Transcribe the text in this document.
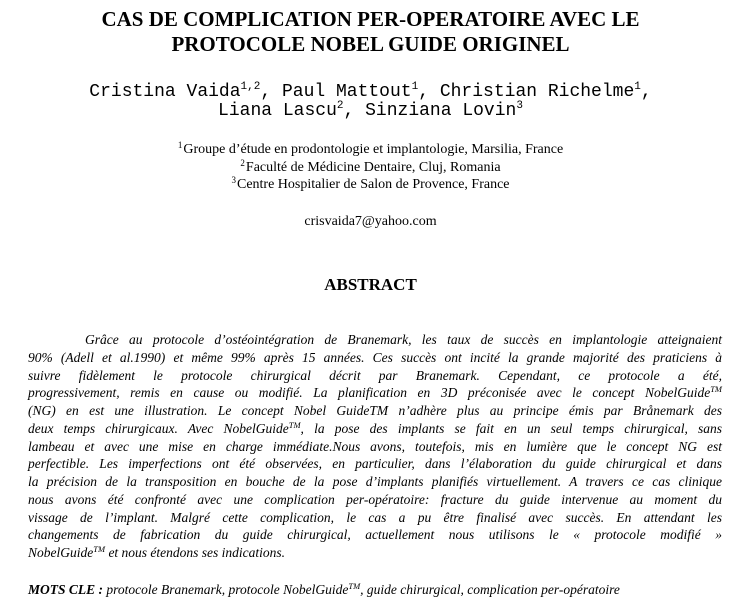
CAS DE COMPLICATION PER-OPERATOIRE AVEC LE
PROTOCOLE NOBEL GUIDE ORIGINEL
Cristina Vaida$^{1,2}$, Paul Mattout$^1$, Christian Richelme$^1$,
Liana Lascu$^2$, Sinziana Lovin$^3$
$^1$Groupe d’étude en prodontologie et implantologie, Marsilia, France
$^2$Faculté de Médicine Dentaire, Cluj, Romania
$^3$Centre Hospitalier de Salon de Provence, France
crisvaida7@yahoo.com
ABSTRACT
Grâce au protocole d’ostéointégration de Branemark, les taux de succès en implantologie atteignaient
90% (Adell et al.1990) et même 99% après 15 années. Ces succès ont incité la grande majorité des praticiens à
suivre fidèlement le protocole chirurgical décrit par Branemark. Cependant, ce protocole a été,
progressivement, remis en cause ou modifié. La planification en 3D préconisée avec le concept NobelGuide™
(NG) en est une illustration. Le concept Nobel GuideTM n’adhère plus au principe émis par Brånemark des
deux temps chirurgicaux. Avec NobelGuide™, la pose des implants se fait en un seul temps chirurgical, sans
lambeau et avec une mise en charge immédiate.Nous avons, toutefois, mis en lumière que le concept NG est
perfectible. Les imperfections ont été observées, en particulier, dans l’élaboration du guide chirurgical et dans
la précision de la transposition en bouche de la pose d’implants planifiés virtuellement. A travers ce cas clinique
nous avons été confronté avec une complication per-opératoire: fracture du guide intervenue au moment du
vissage de l’implant. Malgré cette complication, le cas a pu être finalisé avec succès. En attendant les
changements de fabrication du guide chirurgical, actuellement nous utilisons le « protocole modifié »
NobelGuide™ et nous étendons ses indications.
MOTS CLE : protocole Branemark, protocole NobelGuide™, guide chirurgical, complication per-opératoire
